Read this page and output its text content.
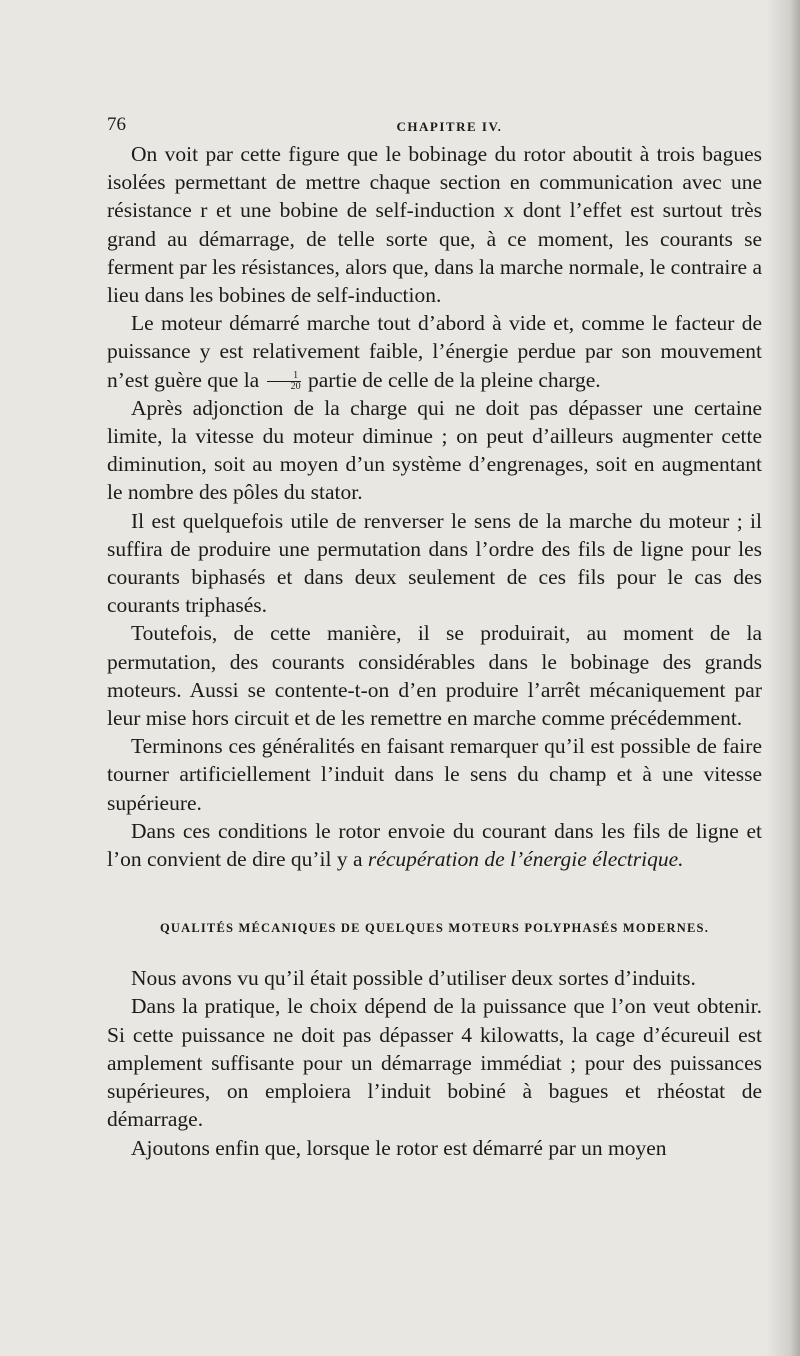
76	CHAPITRE IV.

On voit par cette figure que le bobinage du rotor aboutit à trois bagues isolées permettant de mettre chaque section en communication avec une résistance r et une bobine de self-induction x dont l’effet est surtout très grand au démarrage, de telle sorte que, à ce moment, les courants se ferment par les résistances, alors que, dans la marche normale, le contraire a lieu dans les bobines de self-induction.

Le moteur démarré marche tout d’abord à vide et, comme le facteur de puissance y est relativement faible, l’énergie perdue par son mouvement n’est guère que la $\frac{1}{20}$ partie de celle de la pleine charge.

Après adjonction de la charge qui ne doit pas dépasser une certaine limite, la vitesse du moteur diminue ; on peut d’ailleurs augmenter cette diminution, soit au moyen d’un système d’engrenages, soit en augmentant le nombre des pôles du stator.

Il est quelquefois utile de renverser le sens de la marche du moteur ; il suffira de produire une permutation dans l’ordre des fils de ligne pour les courants biphasés et dans deux seulement de ces fils pour le cas des courants triphasés.

Toutefois, de cette manière, il se produirait, au moment de la permutation, des courants considérables dans le bobinage des grands moteurs. Aussi se contente-t-on d’en produire l’arrêt mécaniquement par leur mise hors circuit et de les remettre en marche comme précédemment.

Terminons ces généralités en faisant remarquer qu’il est possible de faire tourner artificiellement l’induit dans le sens du champ et à une vitesse supérieure.

Dans ces conditions le rotor envoie du courant dans les fils de ligne et l’on convient de dire qu’il y a récupération de l’énergie électrique.

QUALITÉS MÉCANIQUES DE QUELQUES MOTEURS POLYPHASÉS MODERNES.

Nous avons vu qu’il était possible d’utiliser deux sortes d’induits.

Dans la pratique, le choix dépend de la puissance que l’on veut obtenir. Si cette puissance ne doit pas dépasser 4 kilowatts, la cage d’écureuil est amplement suffisante pour un démarrage immédiat ; pour des puissances supérieures, on emploiera l’induit bobiné à bagues et rhéostat de démarrage.

Ajoutons enfin que, lorsque le rotor est démarré par un moyen
